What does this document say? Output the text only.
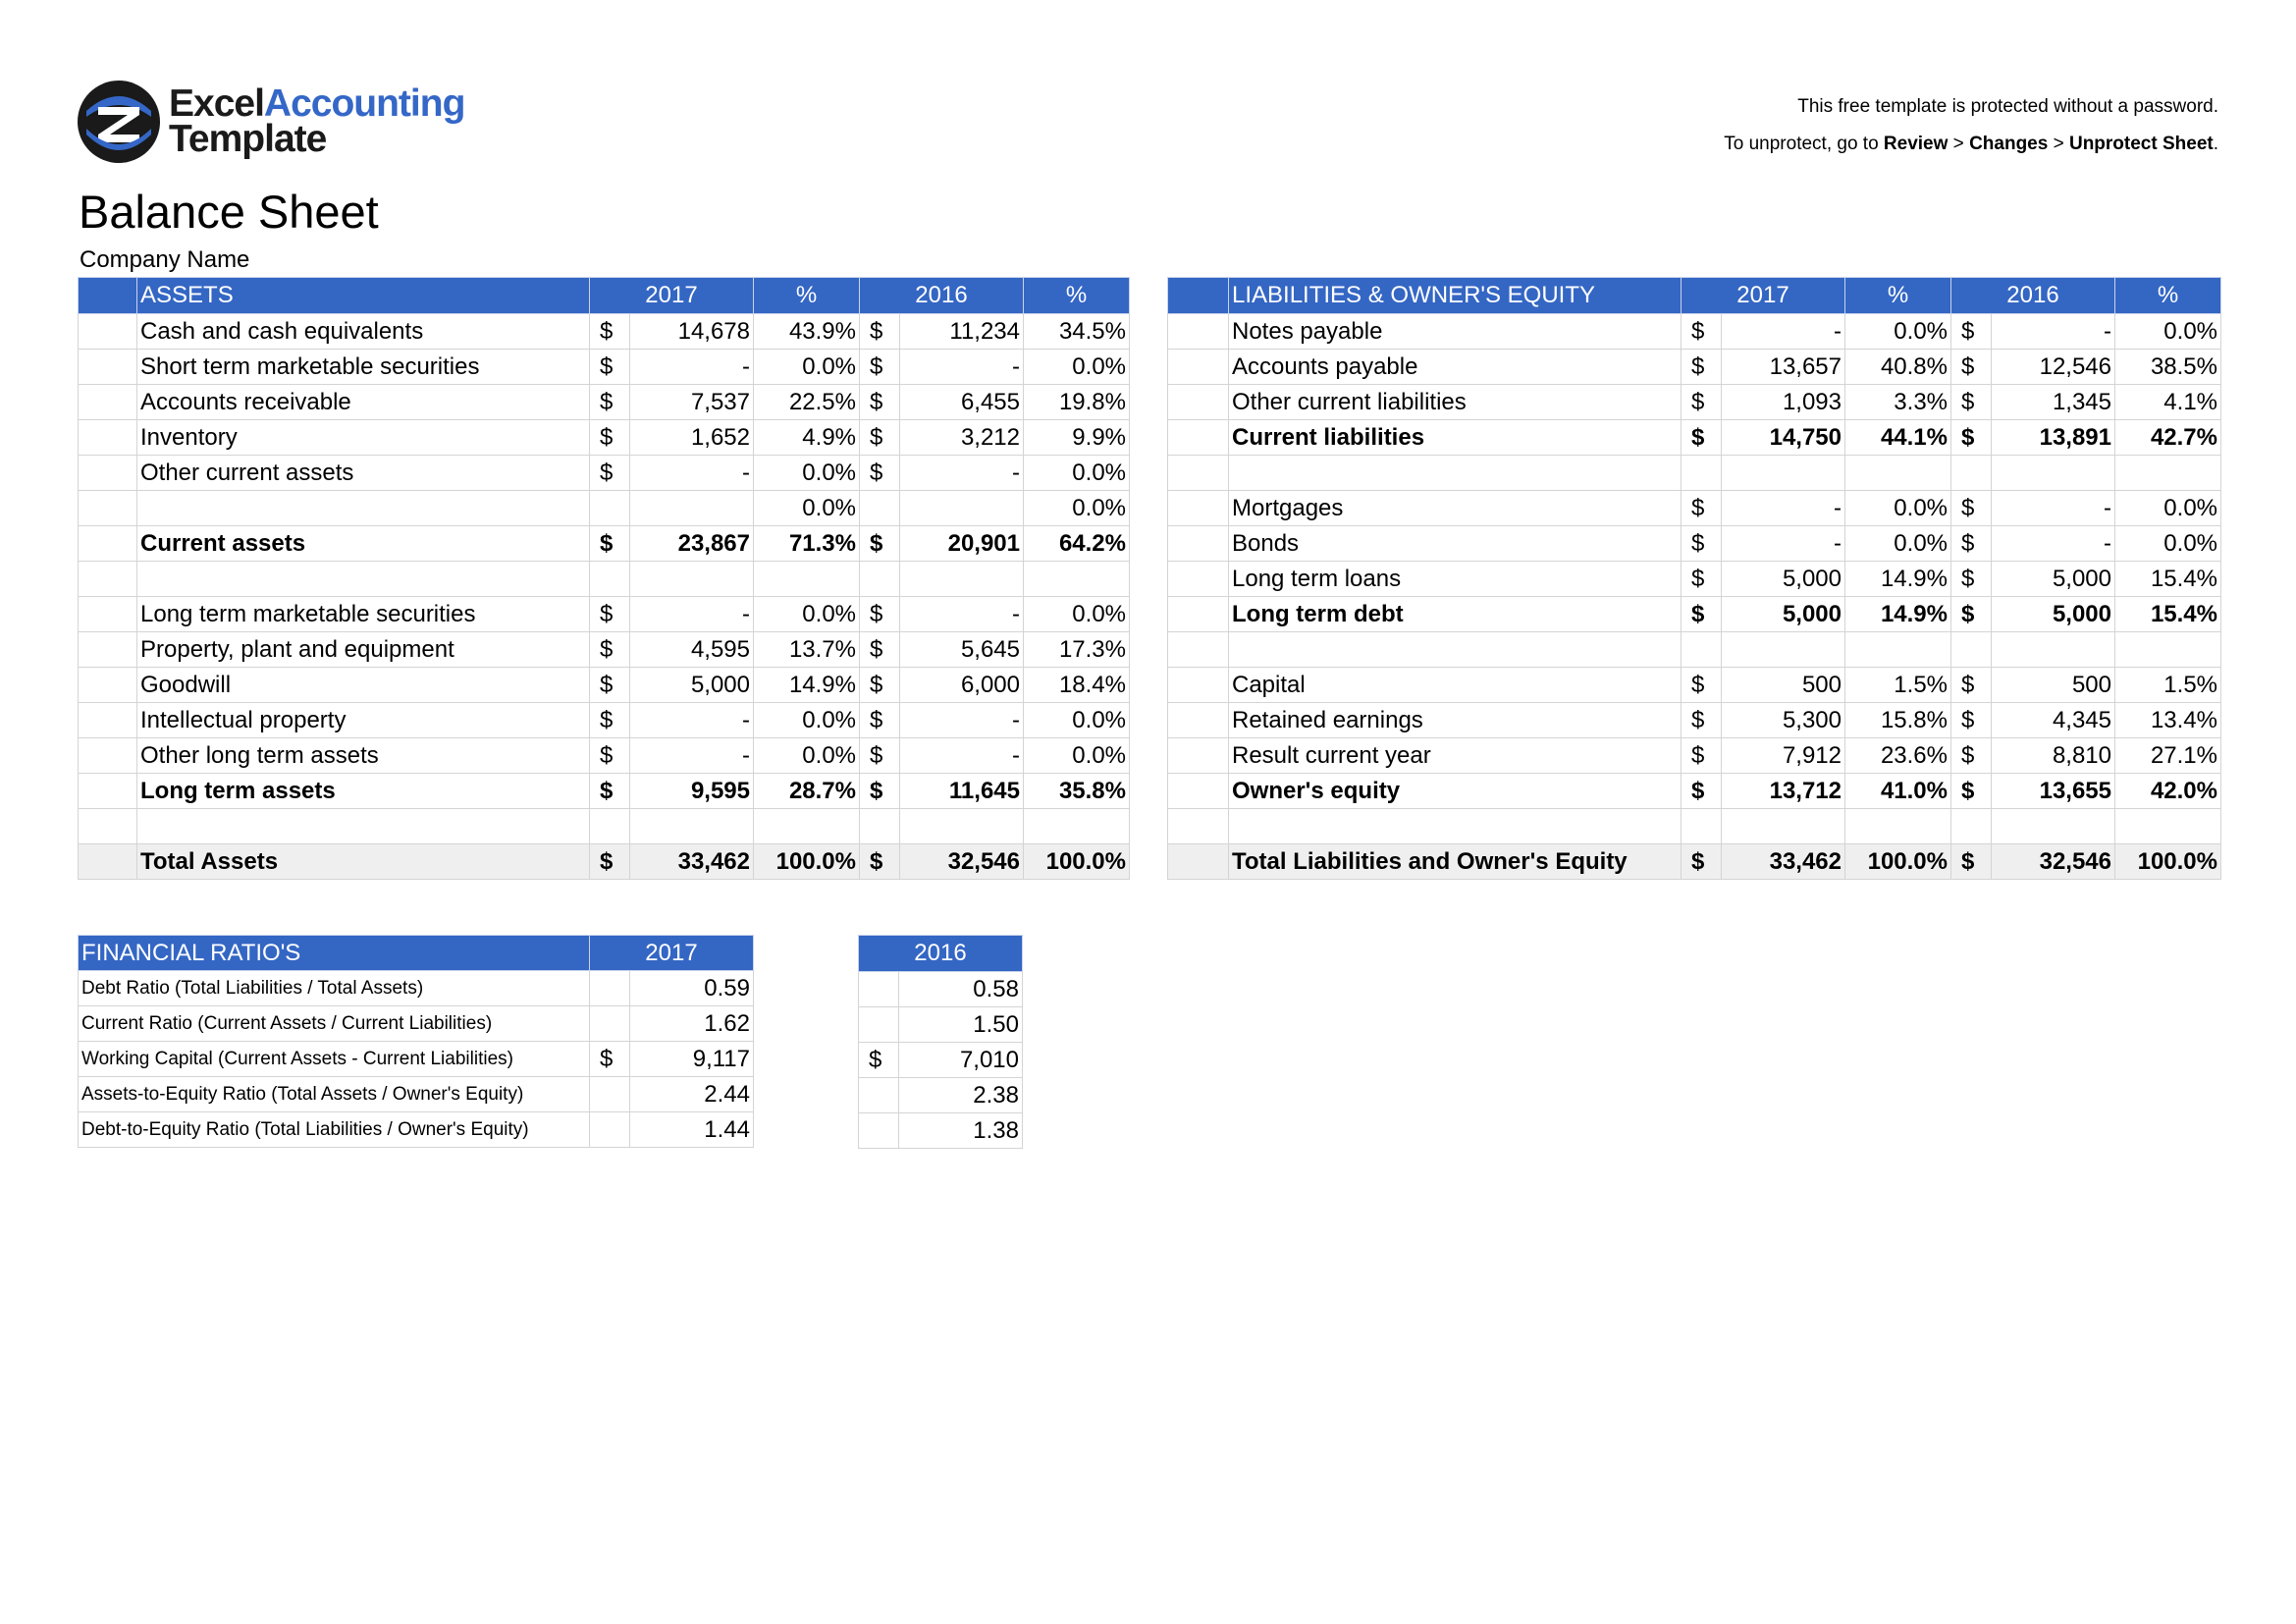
ExcelAccounting
Template
This free template is protected without a password.
To unprotect, go to Review > Changes > Unprotect Sheet.
Balance Sheet
Company Name
	ASSETS	2017		%	2016		%
	Cash and cash equivalents	$	14,678	43.9%	$	11,234	34.5%
	Short term marketable securities	$	-	0.0%	$	-	0.0%
	Accounts receivable	$	7,537	22.5%	$	6,455	19.8%
	Inventory	$	1,652	4.9%	$	3,212	9.9%
	Other current assets	$	-	0.0%	$	-	0.0%
				0.0%			0.0%
	Current assets	$	23,867	71.3%	$	20,901	64.2%

	Long term marketable securities	$	-	0.0%	$	-	0.0%
	Property, plant and equipment	$	4,595	13.7%	$	5,645	17.3%
	Goodwill	$	5,000	14.9%	$	6,000	18.4%
	Intellectual property	$	-	0.0%	$	-	0.0%
	Other long term assets	$	-	0.0%	$	-	0.0%
	Long term assets	$	9,595	28.7%	$	11,645	35.8%

	Total Assets	$	33,462	100.0%	$	32,546	100.0%
	LIABILITIES & OWNER'S EQUITY	2017		%	2016		%
	Notes payable	$	-	0.0%	$	-	0.0%
	Accounts payable	$	13,657	40.8%	$	12,546	38.5%
	Other current liabilities	$	1,093	3.3%	$	1,345	4.1%
	Current liabilities	$	14,750	44.1%	$	13,891	42.7%

	Mortgages	$	-	0.0%	$	-	0.0%
	Bonds	$	-	0.0%	$	-	0.0%
	Long term loans	$	5,000	14.9%	$	5,000	15.4%
	Long term debt	$	5,000	14.9%	$	5,000	15.4%

	Capital	$	500	1.5%	$	500	1.5%
	Retained earnings	$	5,300	15.8%	$	4,345	13.4%
	Result current year	$	7,912	23.6%	$	8,810	27.1%
	Owner's equity	$	13,712	41.0%	$	13,655	42.0%

	Total Liabilities and Owner's Equity	$	33,462	100.0%	$	32,546	100.0%
FINANCIAL RATIO'S	2017	
Debt Ratio (Total Liabilities / Total Assets)		0.59
Current Ratio (Current Assets / Current Liabilities)		1.62
Working Capital (Current Assets - Current Liabilities)	$	9,117
Assets-to-Equity Ratio (Total Assets / Owner's Equity)		2.44
Debt-to-Equity Ratio (Total Liabilities / Owner's Equity)		1.44
2016	
	0.58
	1.50
$	7,010
	2.38
	1.38
